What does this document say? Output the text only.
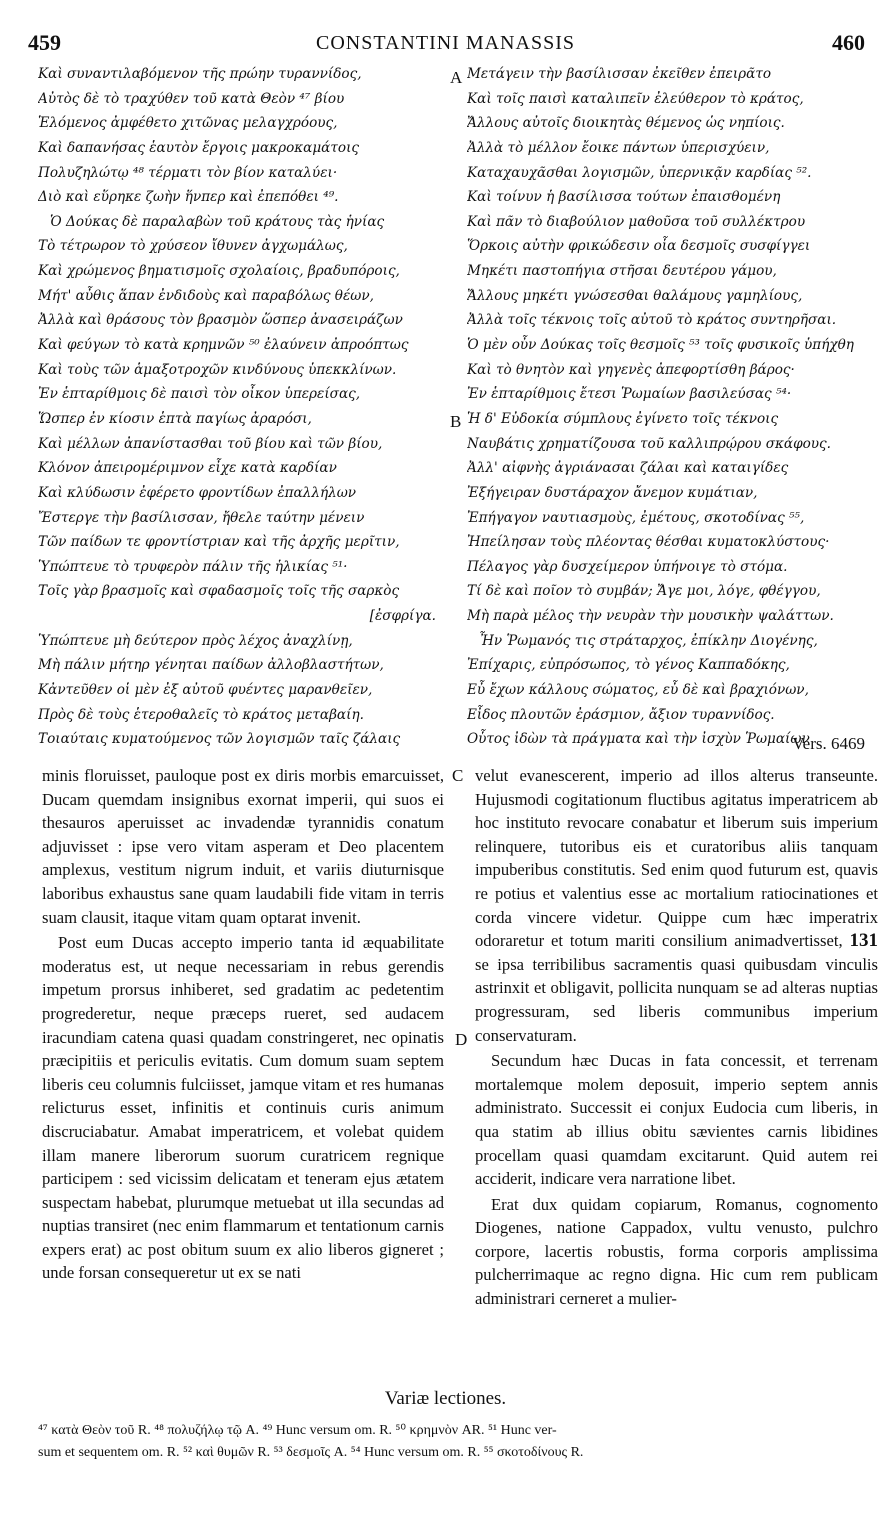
459	CONSTANTINI MANASSIS	460
A
B
Καὶ συναντιλαβόμενον τῆς πρώην τυραννίδος,
Αὐτὸς δὲ τὸ τραχύθεν τοῦ κατὰ Θεὸν ⁴⁷ βίου
Ἑλόμενος ἀμφέθετο χιτῶνας μελαγχρόους,
Καὶ δαπανήσας ἑαυτὸν ἔργοις μακροκαμάτοις
Πολυζηλώτῳ ⁴⁸ τέρματι τὸν βίον καταλύει·
Διὸ καὶ εὕρηκε ζωὴν ἥνπερ καὶ ἐπεπόθει ⁴⁹.
Ὁ Δούκας δὲ παραλαβὼν τοῦ κράτους τὰς ἡνίας
Τὸ τέτρωρον τὸ χρύσεον ἴθυνεν ἀγχωμάλως,
Καὶ χρώμενος βηματισμοῖς σχολαίοις, βραδυπόροις,
Μήτ' αὖθις ἅπαν ἐνδιδοὺς καὶ παραβόλως θέων,
Ἀλλὰ καὶ θράσους τὸν βρασμὸν ὥσπερ ἀνασειράζων
Καὶ φεύγων τὸ κατὰ κρημνῶν ⁵⁰ ἐλαύνειν ἀπροόπτως
Καὶ τοὺς τῶν ἁμαξοτροχῶν κινδύνους ὑπεκκλίνων.
Ἐν ἑπταρίθμοις δὲ παισὶ τὸν οἶκον ὑπερείσας,
Ὥσπερ ἐν κίοσιν ἑπτὰ παγίως ἀραρόσι,
Καὶ μέλλων ἀπανίστασθαι τοῦ βίου καὶ τῶν βίου,
Κλόνον ἀπειρομέριμνον εἶχε κατὰ καρδίαν
Καὶ κλύδωσιν ἐφέρετο φροντίδων ἐπαλλήλων
Ἔστεργε τὴν βασίλισσαν, ἤθελε ταύτην μένειν
Τῶν παίδων τε φροντίστριαν καὶ τῆς ἀρχῆς μερῖτιν,
Ὑπώπτευε τὸ τρυφερὸν πάλιν τῆς ἡλικίας ⁵¹·
Τοῖς γὰρ βρασμοῖς καὶ σφαδασμοῖς τοῖς τῆς σαρκὸς
[ἐσφρίγα.
Ὑπώπτευε μὴ δεύτερον πρὸς λέχος ἀναχλίνῃ,
Μὴ πάλιν μήτηρ γένηται παίδων ἀλλοβλαστήτων,
Κἀντεῦθεν οἱ μὲν ἐξ αὐτοῦ φυέντες μαρανθεῖεν,
Πρὸς δὲ τοὺς ἑτεροθαλεῖς τὸ κράτος μεταβαίη.
Τοιαύταις κυματούμενος τῶν λογισμῶν ταῖς ζάλαις
Μετάγειν τὴν βασίλισσαν ἐκεῖθεν ἐπειρᾶτο
Καὶ τοῖς παισὶ καταλιπεῖν ἐλεύθερον τὸ κράτος,
Ἄλλους αὐτοῖς διοικητὰς θέμενος ὡς νηπίοις.
Ἀλλὰ τὸ μέλλον ἔοικε πάντων ὑπερισχύειν,
Καταχαυχᾶσθαι λογισμῶν, ὑπερνικᾷν καρδίας ⁵².
Καὶ τοίνυν ἡ βασίλισσα τούτων ἐπαισθομένη
Καὶ πᾶν τὸ διαβούλιον μαθοῦσα τοῦ συλλέκτρου
Ὅρκοις αὐτὴν φρικώδεσιν οἷα δεσμοῖς συσφίγγει
Μηκέτι παστοπήγια στῆσαι δευτέρου γάμου,
Ἄλλους μηκέτι γνώσεσθαι θαλάμους γαμηλίους,
Ἀλλὰ τοῖς τέκνοις τοῖς αὐτοῦ τὸ κράτος συντηρῆσαι.
Ὁ μὲν οὖν Δούκας τοῖς θεσμοῖς ⁵³ τοῖς φυσικοῖς ὑπήχθη
Καὶ τὸ θνητὸν καὶ γηγενὲς ἀπεφορτίσθη βάρος·
Ἐν ἑπταρίθμοις ἔτεσι Ῥωμαίων βασιλεύσας ⁵⁴·
Ἡ δ' Εὐδοκία σύμπλους ἐγίνετο τοῖς τέκνοις
Ναυβάτις χρηματίζουσα τοῦ καλλιπρῴρου σκάφους.
Ἀλλ' αἰφνὴς ἀγριάνασαι ζάλαι καὶ καταιγίδες
Ἐξήγειραν δυστάραχον ἄνεμον κυμάτιαν,
Ἐπήγαγον ναυτιασμοὺς, ἐμέτους, σκοτοδίνας ⁵⁵,
Ἠπείλησαν τοὺς πλέοντας θέσθαι κυματοκλύστους·
Πέλαγος γὰρ δυσχείμερον ὑπήνοιγε τὸ στόμα.
Τί δὲ καὶ ποῖον τὸ συμβάν; Ἄγε μοι, λόγε, φθέγγου,
Μὴ παρὰ μέλος τὴν νευρὰν τὴν μουσικὴν ψαλάττων.
Ἦν Ῥωμανός τις στράταρχος, ἐπίκλην Διογένης,
Ἐπίχαρις, εὐπρόσωπος, τὸ γένος Καππαδόκης,
Εὖ ἔχων κάλλους σώματος, εὖ δὲ καὶ βραχιόνων,
Εἶδος πλουτῶν ἐράσμιον, ἄξιον τυραννίδος.
Οὗτος ἰδὼν τὰ πράγματα καὶ τὴν ἰσχὺν Ῥωμαίων
Vers. 6469
C
D

minis floruisset, pauloque post ex diris morbis emarcuisset, Ducam quemdam insignibus exornat imperii, qui suos ei thesauros aperuisset ac invadendæ tyrannidis conatum adjuvisset : ipse vero vitam asperam et Deo placentem amplexus, vestitum nigrum induit, et variis diuturnisque laboribus exhaustus sane quam laudabili fide vitam in terris suam clausit, itaque vitam quam optarat invenit.

Post eum Ducas accepto imperio tanta id æquabilitate moderatus est, ut neque necessariam in rebus gerendis impetum prorsus inhiberet, sed gradatim ac pedetentim progrederetur, neque præceps rueret, sed audacem iracundiam catena quasi quadam constringeret, nec opinatis præcipitiis et periculis evitatis. Cum domum suam septem liberis ceu columnis fulciisset, jamque vitam et res humanas relicturus esset, infinitis et continuis curis animum discruciabatur. Amabat imperatricem, et volebat quidem illam manere liberorum suorum curatricem regnique participem : sed vicissim delicatam et teneram ejus ætatem suspectam habebat, plurumque metuebat ut illa secundas ad nuptias transiret (nec enim flammarum et tentationum carnis expers erat) ac post obitum suum ex alio liberos gigneret ; unde forsan consequeretur ut ex se nati

velut evanescerent, imperio ad illos alterus transeunte. Hujusmodi cogitationum fluctibus agitatus imperatricem ab hoc instituto revocare conabatur et liberum suis imperium relinquere, tutoribus eis et curatoribus aliis tanquam impuberibus constitutis. Sed enim quod futurum est, quavis re potius et valentius esse ac mortalium ratiocinationes et corda vincere videtur. Quippe cum hæc imperatrix odoraretur et totum mariti consilium animadvertisset, 131 se ipsa terribilibus sacramentis quasi quibusdam vinculis astrinxit et obligavit, pollicita nunquam se ad alteras nuptias progressuram, sed liberis communibus imperium conservaturam.

Secundum hæc Ducas in fata concessit, et terrenam mortalemque molem deposuit, imperio septem annis administrato. Successit ei conjux Eudocia cum liberis, in qua statim ab illius obitu sævientes carnis libidines procellam quasi quamdam excitarunt. Quid autem rei acciderit, indicare vera narratione libet.

Erat dux quidam copiarum, Romanus, cognomento Diogenes, natione Cappadox, vultu venusto, pulchro corpore, lacertis robustis, forma corporis amplissima pulcherrimaque ac regno digna. Hic cum rem publicam administrari cerneret a mulier-

Variæ lectiones.
⁴⁷ κατὰ Θεὸν τοῦ R. ⁴⁸ πολυζήλῳ τῷ A. ⁴⁹ Hunc versum om. R. ⁵⁰ κρημνὸν AR. ⁵¹ Hunc ver-
sum et sequentem om. R. ⁵² καὶ θυμῶν R. ⁵³ δεσμοῖς A. ⁵⁴ Hunc versum om. R. ⁵⁵ σκοτοδίνους R.
